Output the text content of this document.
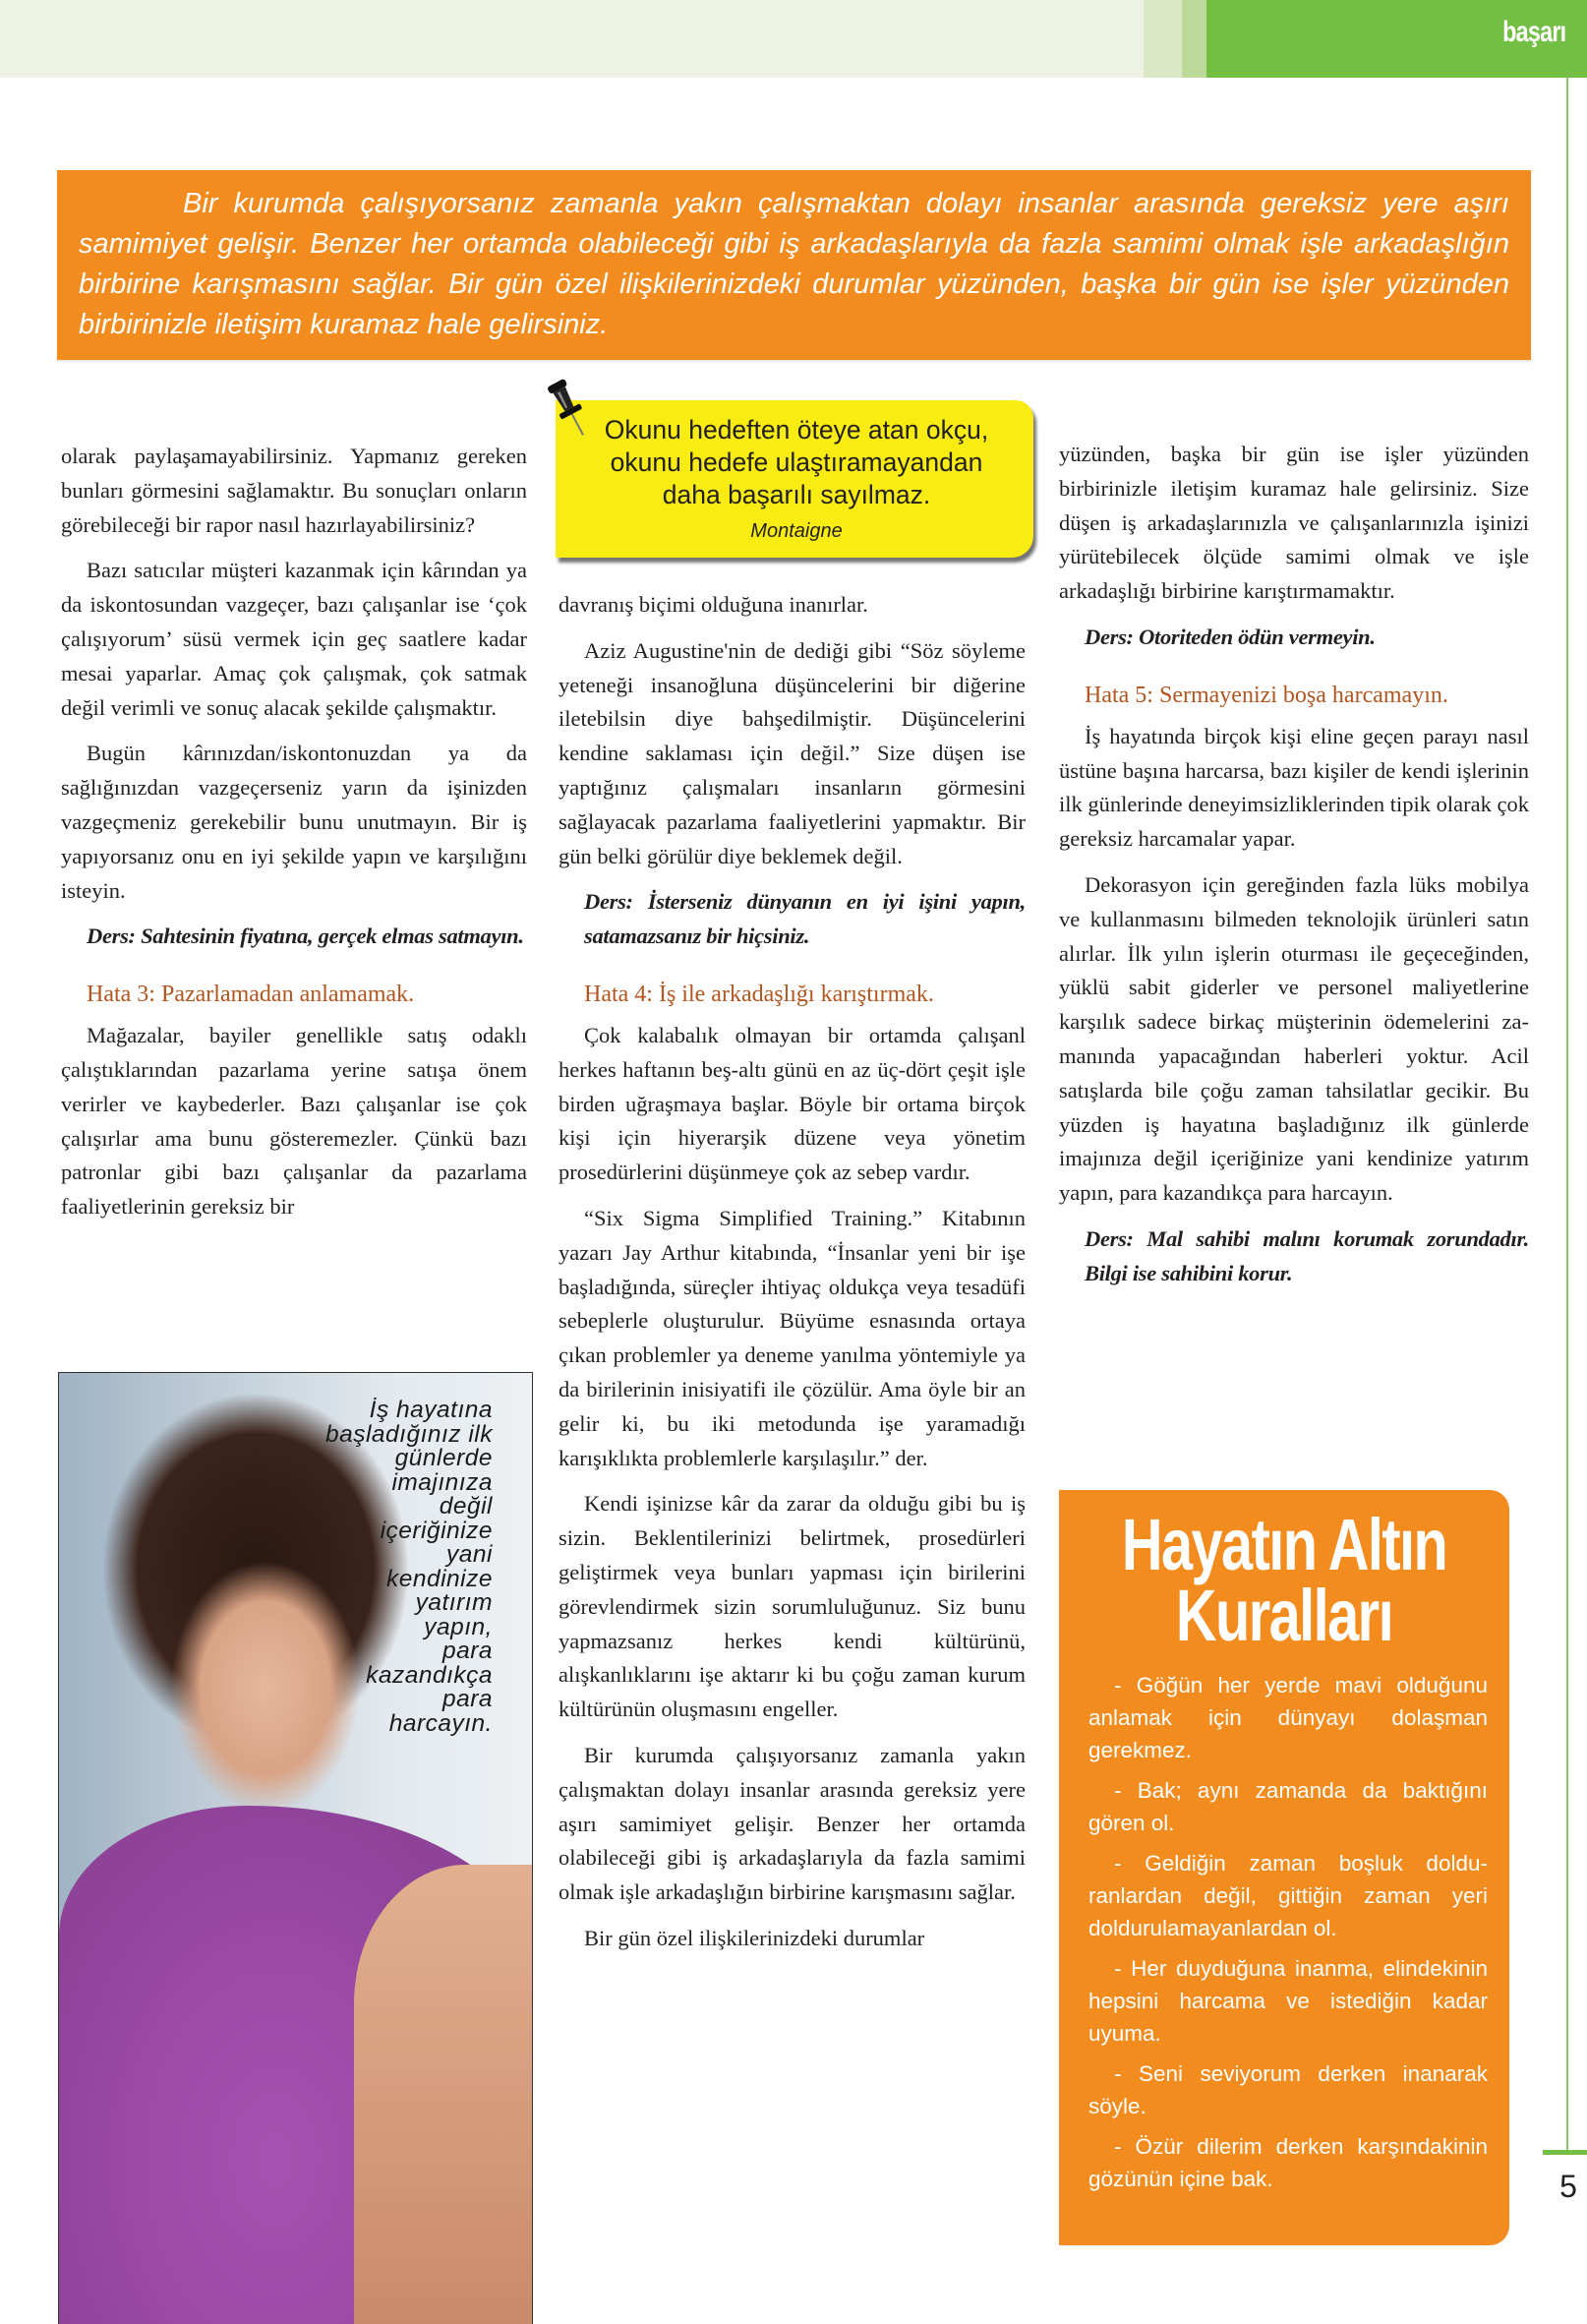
başarı
5

Bir kurumda çalışıyorsanız zamanla yakın çalışmaktan dolayı insanlar arasında gereksiz yere aşırı samimiyet gelişir. Benzer her ortamda olabileceği gibi iş arkadaşlarıyla da fazla samimi olmak işle arkadaşlığın birbirine karışmasını sağlar. Bir gün özel ilişkilerinizdeki durumlar yüzünden, başka bir gün ise işler yüzünden birbirinizle iletişim kuramaz hale gelirsiniz.

olarak paylaşamayabilirsiniz. Yapmanız gereken bunları görmesini sağlamaktır. Bu sonuçları onların görebileceği bir rapor nasıl hazırlayabilirsiniz?

Bazı satıcılar müşteri kazanmak için kârından ya da iskontosundan vazgeçer, bazı çalışanlar ise ‘çok çalışıyorum’ süsü vermek için geç saatlere kadar mesai yaparlar. Amaç çok çalışmak, çok satmak değil verimli ve sonuç alacak şekilde çalışmaktır.

Bugün kârınızdan/iskontonuzdan ya da sağlığınızdan vazgeçerseniz yarın da işinizden vazgeçmeniz gerekebilir bunu unutmayın. Bir iş yapıyorsanız onu en iyi şekilde yapın ve karşılığını isteyin.

Ders: Sahtesinin fiyatına, gerçek elmas satmayın.

Hata 3: Pazarlamadan anlamamak.

Mağazalar, bayiler genellikle satış odaklı çalıştıklarından pazarlama yerine satışa önem verirler ve kaybederler. Bazı çalışanlar ise çok çalışırlar ama bunu gösteremezler. Çünkü bazı patronlar gibi bazı çalışanlar da pazarlama faaliyetlerinin gereksiz bir

Okunu hedeften öteye atan okçu,
okunu hedefe ulaştıramayandan
daha başarılı sayılmaz.
Montaigne

davranış biçimi olduğuna inanırlar.

Aziz Augustine'nin de dediği gibi “Söz söyleme yeteneği insanoğluna düşüncelerini bir diğerine iletebilsin diye bahşedilmiştir. Düşüncelerini kendine saklaması için değil.” Size düşen ise yaptığınız çalışmaları insanların görmesini sağlayacak pazarlama faaliyetlerini yapmaktır. Bir gün belki görülür diye beklemek değil.

Ders: İsterseniz dünyanın en iyi işini yapın, satamazsanız bir hiçsiniz.

Hata 4: İş ile arkadaşlığı karıştırmak.

Çok kalabalık olmayan bir ortamda çalışanl herkes haftanın beş-altı günü en az üç-dört çeşit işle birden uğraşmaya başlar. Böyle bir ortama birçok kişi için hiyerarşik düzene veya yönetim prosedürlerini düşünmeye çok az sebep vardır.

“Six Sigma Simplified Training.” Kitabının yazarı Jay Arthur kitabında, “İnsanlar yeni bir işe başladığında, süreçler ihtiyaç oldukça veya tesadüfi sebeplerle oluşturulur. Büyüme esnasında ortaya çıkan problemler ya deneme yanılma yöntemiyle ya da birilerinin inisiyatifi ile çözülür. Ama öyle bir an gelir ki, bu iki metodunda işe yaramadığı karışıklıkta problemlerle karşılaşılır.” der.

Kendi işinizse kâr da zarar da olduğu gibi bu iş sizin. Beklentilerinizi belirtmek, prosedürleri geliştirmek veya bunları yapması için birilerini görevlendirmek sizin sorumluluğunuz. Siz bunu yapmazsanız herkes kendi kültürünü, alışkanlıklarını işe aktarır ki bu çoğu zaman kurum kültürünün oluşmasını engeller.

Bir kurumda çalışıyorsanız zamanla yakın çalışmaktan dolayı insanlar arasında gereksiz yere aşırı samimiyet gelişir. Benzer her ortamda olabileceği gibi iş arkadaşlarıyla da fazla samimi olmak işle arkadaşlığın birbirine karışmasını sağlar.

Bir gün özel ilişkilerinizdeki durumlar

yüzünden, başka bir gün ise işler yüzünden birbirinizle iletişim kuramaz hale gelirsiniz. Size düşen iş arkadaşlarınızla ve çalışanlarınızla işinizi yürütebilecek ölçüde samimi olmak ve işle arkadaşlığı birbirine karıştırmamaktır.

Ders: Otoriteden ödün vermeyin.

Hata 5: Sermayenizi boşa harcamayın.

İş hayatında birçok kişi eline geçen parayı nasıl üstüne başına harcarsa, bazı kişiler de kendi işlerinin ilk günlerinde deneyimsizliklerinden tipik olarak çok gereksiz harcamalar yapar.

Dekorasyon için gereğinden fazla lüks mobilya ve kullanmasını bilmeden teknolojik ürünleri satın alırlar. İlk yılın işlerin oturması ile geçeceğinden, yüklü sabit giderler ve personel maliyetlerine karşılık sadece birkaç müşterinin ödemelerini zamanında yapacağından haberleri yoktur. Acil satışlarda bile çoğu zaman tahsilatlar gecikir. Bu yüzden iş hayatına başladığınız ilk günlerde imajınıza değil içeriğinize yani kendinize yatırım yapın, para kazandıkça para harcayın.

Ders: Mal sahibi malını korumak zorundadır. Bilgi ise sahibini korur.

İş hayatına
başladığınız ilk
günlerde
imajınıza
değil
içeriğinize
yani
kendinize
yatırım
yapın,
para
kazandıkça
para
harcayın.
Hayatın Altın
Kuralları
- Göğün her yerde mavi olduğunu anlamak için dünyayı dolaşman gerekmez.
- Bak; aynı zamanda da baktığını gören ol.
- Geldiğin zaman boşluk dolduranlardan değil, gittiğin zaman yeri doldurulamayanlardan ol.
- Her duyduğuna inanma, elindekinin hepsini harcama ve istediğin kadar uyuma.
- Seni seviyorum derken inanarak söyle.
- Özür dilerim derken karşındakinin gözünün içine bak.
